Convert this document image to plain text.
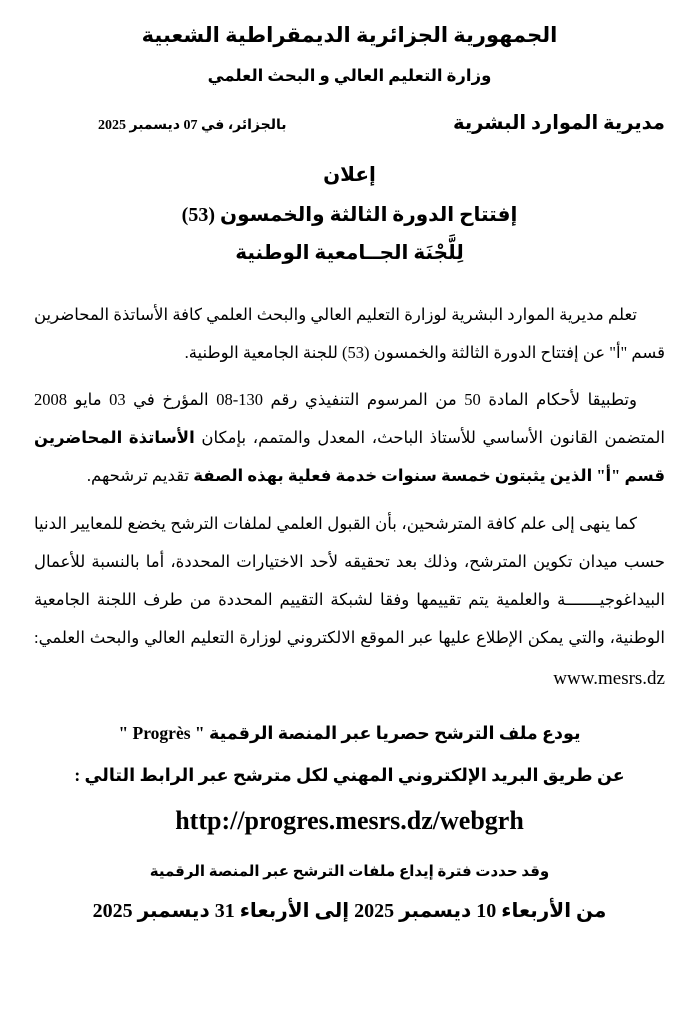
الجمهورية الجزائرية الديمقراطية الشعبية
وزارة التعليم العالي و البحث العلمي
مديرية الموارد البشرية
بالجزائر، في 07 ديسمبر 2025
إعلان
إفتتاح الدورة الثالثة والخمسون (53)
لِلَّجْنَة الجــامعية الوطنية

تعلم مديرية الموارد البشرية لوزارة التعليم العالي والبحث العلمي كافة الأساتذة المحاضرين قسم "أ" عن إفتتاح الدورة الثالثة والخمسون (53) للجنة الجامعية الوطنية.

وتطبيقا لأحكام المادة 50 من المرسوم التنفيذي رقم 130-08 المؤرخ في 03 مايو 2008 المتضمن القانون الأساسي للأستاذ الباحث، المعدل والمتمم، بإمكان الأساتذة المحاضرين قسم "أ" الذين يثبتون خمسة سنوات خدمة فعلية بهذه الصفة تقديم ترشحهم.

كما ينهى إلى علم كافة المترشحين، بأن القبول العلمي لملفات الترشح يخضع للمعايير الدنيا حسب ميدان تكوين المترشح، وذلك بعد تحقيقه لأحد الاختيارات المحددة، أما بالنسبة للأعمال البيداغوجيـــــــة والعلمية يتم تقييمها وفقا لشبكة التقييم المحددة من طرف اللجنة الجامعية الوطنية، والتي يمكن الإطلاع عليها عبر الموقع الالكتروني لوزارة التعليم العالي والبحث العلمي: www.mesrs.dz

يودع ملف الترشح حصريا عبر المنصة الرقمية " Progrès "
عن طريق البريد الإلكتروني المهني لكل مترشح عبر الرابط التالي :
http://progres.mesrs.dz/webgrh
وقد حددت فترة إيداع ملفات الترشح عبر المنصة الرقمية
من الأربعاء 10 ديسمبر 2025 إلى الأربعاء 31 ديسمبر 2025
